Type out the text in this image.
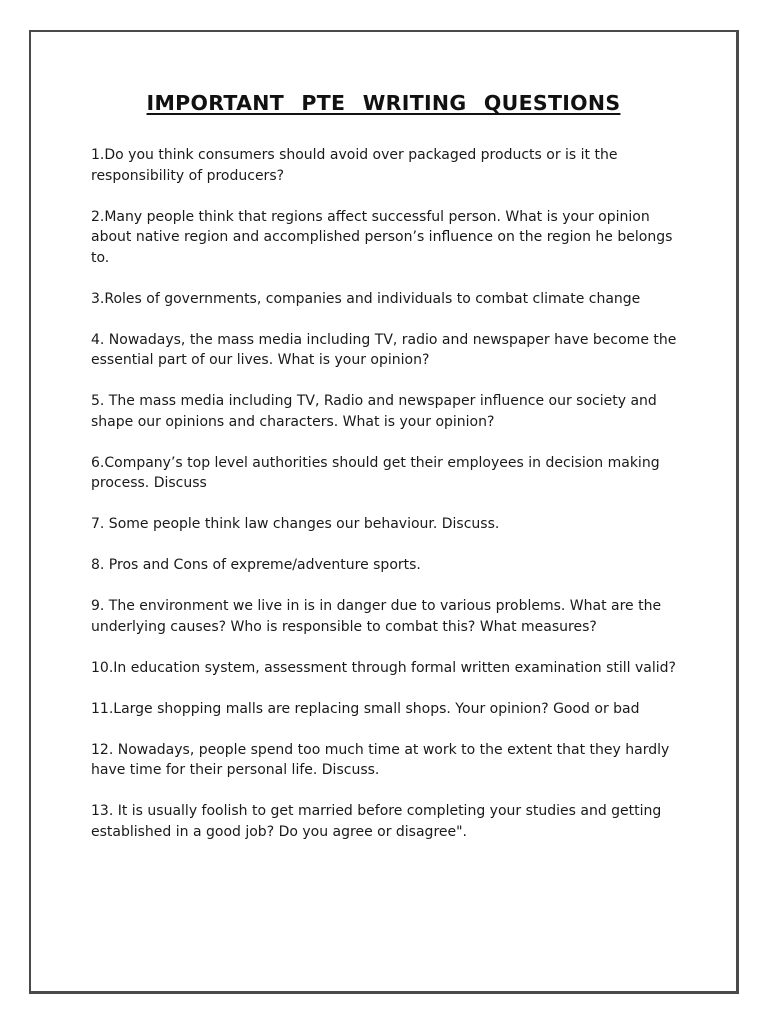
IMPORTANT PTE WRITING QUESTIONS
1.Do you think consumers should avoid over packaged products or is it the responsibility of producers?
2.Many people think that regions affect successful person. What is your opinion about native region and accomplished person’s influence on the region he belongs to.
3.Roles of governments, companies and individuals to combat climate change
4. Nowadays, the mass media including TV, radio and newspaper have become the essential part of our lives. What is your opinion?
5. The mass media including TV, Radio and newspaper influence our society and shape our opinions and characters. What is your opinion?
6.Company’s top level authorities should get their employees in decision making process. Discuss
7. Some people think law changes our behaviour. Discuss.
8. Pros and Cons of expreme/adventure sports.
9. The environment we live in is in danger due to various problems. What are the underlying causes? Who is responsible to combat this? What measures?
10.In education system, assessment through formal written examination still valid?
11.Large shopping malls are replacing small shops. Your opinion? Good or bad
12. Nowadays, people spend too much time at work to the extent that they hardly have time for their personal life. Discuss.
13. It is usually foolish to get married before completing your studies and getting established in a good job? Do you agree or disagree".
